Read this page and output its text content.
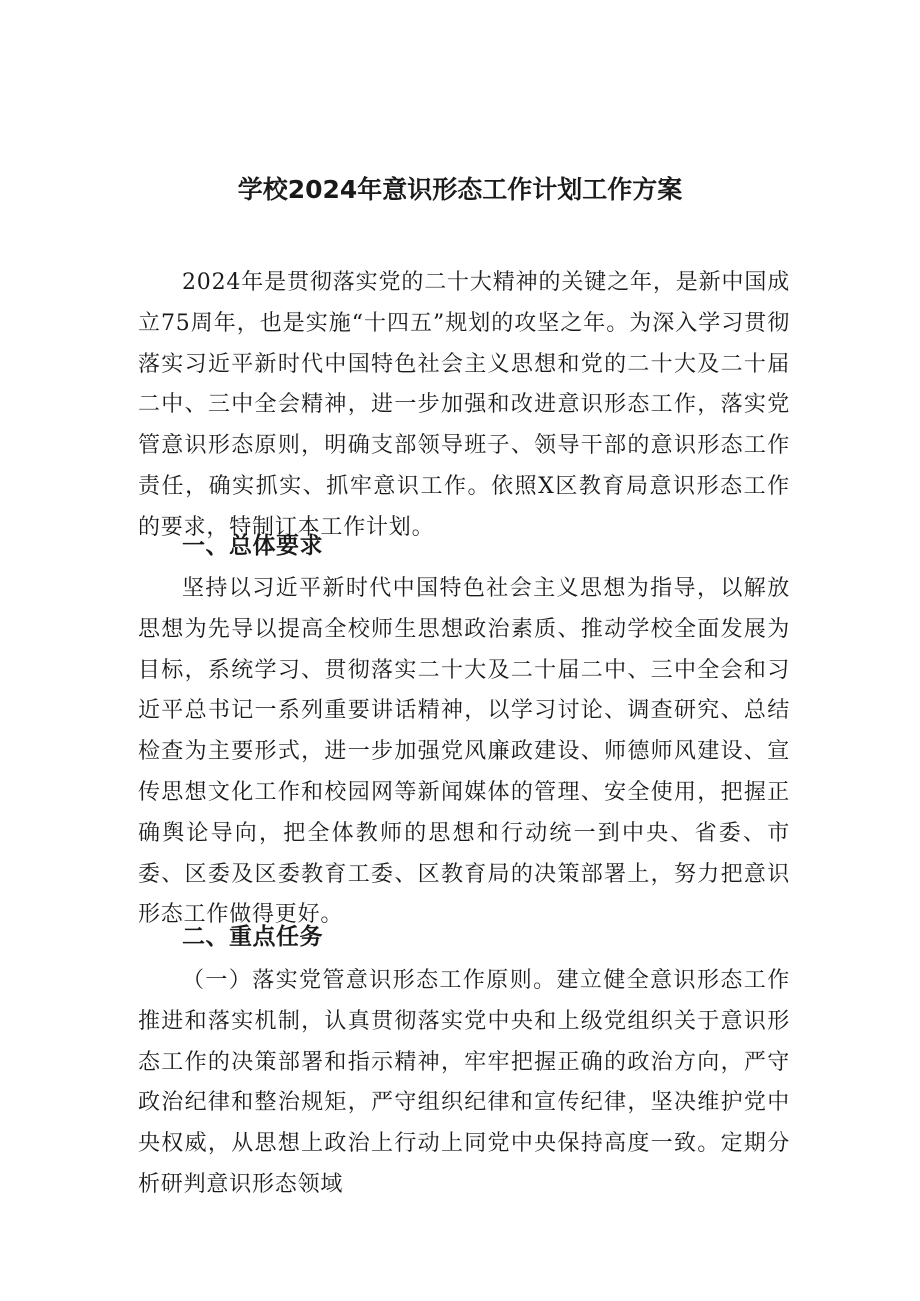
学校2024年意识形态工作计划工作方案

2024年是贯彻落实党的二十大精神的关键之年，是新中国成立75周年，也是实施“十四五”规划的攻坚之年。为深入学习贯彻落实习近平新时代中国特色社会主义思想和党的二十大及二十届二中、三中全会精神，进一步加强和改进意识形态工作，落实党管意识形态原则，明确支部领导班子、领导干部的意识形态工作责任，确实抓实、抓牢意识工作。依照X区教育局意识形态工作的要求，特制订本工作计划。

一、总体要求

坚持以习近平新时代中国特色社会主义思想为指导，以解放思想为先导以提高全校师生思想政治素质、推动学校全面发展为目标，系统学习、贯彻落实二十大及二十届二中、三中全会和习近平总书记一系列重要讲话精神，以学习讨论、调查研究、总结检查为主要形式，进一步加强党风廉政建设、师德师风建设、宣传思想文化工作和校园网等新闻媒体的管理、安全使用，把握正确舆论导向，把全体教师的思想和行动统一到中央、省委、市委、区委及区委教育工委、区教育局的决策部署上，努力把意识形态工作做得更好。

二、重点任务

（一）落实党管意识形态工作原则。建立健全意识形态工作推进和落实机制，认真贯彻落实党中央和上级党组织关于意识形态工作的决策部署和指示精神，牢牢把握正确的政治方向，严守政治纪律和整治规矩，严守组织纪律和宣传纪律，坚决维护党中央权威，从思想上政治上行动上同党中央保持高度一致。定期分析研判意识形态领域
